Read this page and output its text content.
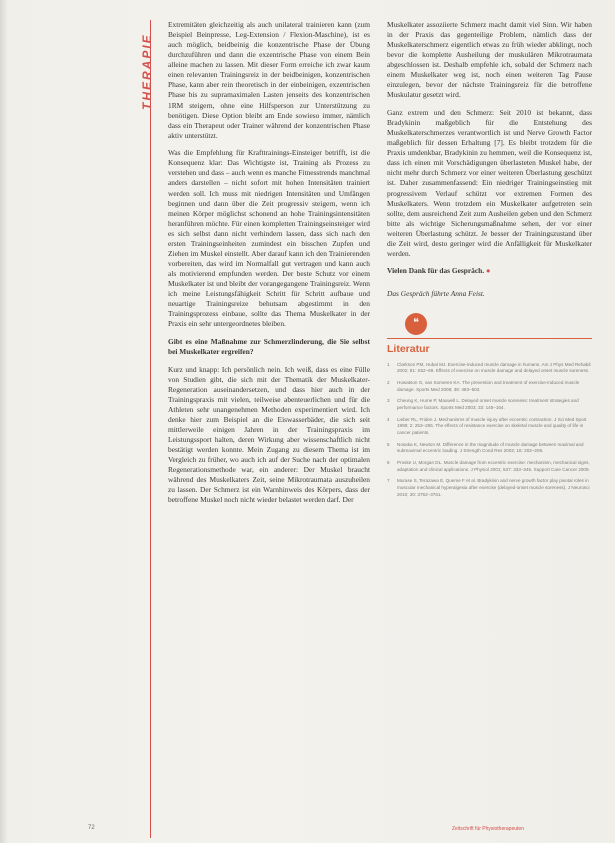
THERAPIE

Extremitäten gleichzeitig als auch unilateral trainieren kann (zum Beispiel Beinpresse, Leg-Extension / Flexion-Maschine), ist es auch möglich, beidbeinig die konzentrische Phase der Übung durchzuführen und dann die exzentrische Phase von einem Bein alleine machen zu lassen. Mit dieser Form erreiche ich zwar kaum einen relevanten Trainingsreiz in der beidbeinigen, konzentrischen Phase, kann aber rein theoretisch in der einbeinigen, exzentrischen Phase bis zu supramaximalen Lasten jenseits des konzentrischen 1RM steigern, ohne eine Hilfsperson zur Unterstützung zu benötigen. Diese Option bleibt am Ende sowieso immer, nämlich dass ein Therapeut oder Trainer während der konzentrischen Phase aktiv unterstützt.

Was die Empfehlung für Krafttrainings-Einsteiger betrifft, ist die Konsequenz klar: Das Wichtigste ist, Training als Prozess zu verstehen und dass – auch wenn es manche Fitnesstrends manchmal anders darstellen – nicht sofort mit hohen Intensitäten trainiert werden soll. Ich muss mit niedrigen Intensitäten und Umfängen beginnen und dann über die Zeit progressiv steigern, wenn ich meinen Körper möglichst schonend an hohe Trainingsintensitäten heranführen möchte. Für einen kompletten Trainingseinsteiger wird es sich selbst dann nicht verhindern lassen, dass sich nach den ersten Trainingseinheiten zumindest ein bisschen Zupfen und Ziehen im Muskel einstellt. Aber darauf kann ich den Trainierenden vorbereiten, das wird im Normalfall gut vertragen und kann auch als motivierend empfunden werden. Der beste Schutz vor einem Muskelkater ist und bleibt der vorangegangene Trainingsreiz. Wenn ich meine Leistungsfähigkeit Schritt für Schritt aufbaue und neuartige Trainingsreize behutsam abgestimmt in den Trainingsprozess einbaue, sollte das Thema Muskelkater in der Praxis ein sehr untergeordnetes bleiben.

Gibt es eine Maßnahme zur Schmerzlinderung, die Sie selbst bei Muskelkater ergreifen?

Kurz und knapp: Ich persönlich nein. Ich weiß, dass es eine Fülle von Studien gibt, die sich mit der Thematik der Muskelkater-Regeneration auseinandersetzen, und dass hier auch in der Trainingspraxis mit vielen, teilweise abenteuerlichen und für die Athleten sehr unangenehmen Methoden experimentiert wird. Ich denke hier zum Beispiel an die Eiswasserbäder, die sich seit mittlerweile einigen Jahren in der Trainingspraxis im Leistungssport halten, deren Wirkung aber wissenschaftlich nicht bestätigt werden konnte. Mein Zugang zu diesem Thema ist im Vergleich zu früher, wo auch ich auf der Suche nach der optimalen Regenerationsmethode war, ein anderer: Der Muskel braucht während des Muskelkaters Zeit, seine Mikrotraumata auszuheilen zu lassen. Der Schmerz ist ein Warnhinweis des Körpers, dass der betroffene Muskel noch nicht wieder belastet werden darf. Der

Muskelkater assoziierte Schmerz macht damit viel Sinn. Wir haben in der Praxis das gegenteilige Problem, nämlich dass der Muskelkaterschmerz eigentlich etwas zu früh wieder abklingt, noch bevor die komplette Ausheilung der muskulären Mikrotraumata abgeschlossen ist. Deshalb empfehle ich, sobald der Schmerz nach einem Muskelkater weg ist, noch einen weiteren Tag Pause einzulegen, bevor der nächste Trainingsreiz für die betroffene Muskulatur gesetzt wird.

Ganz extrem und den Schmerz: Seit 2010 ist bekannt, dass Bradykinin maßgeblich für die Entstehung des Muskelkaterschmerzes verantwortlich ist und Nerve Growth Factor maßgeblich für dessen Erhaltung [7]. Es bleibt trotzdem für die Praxis umdenkbar, Bradykinin zu hemmen, weil die Konsequenz ist, dass ich einen mit Vorschädigungen überlasteten Muskel habe, der nicht mehr durch Schmerz vor einer weiteren Überlastung geschützt ist. Daher zusammenfassend: Ein niedriger Trainingseinstieg mit progressivem Verlauf schützt vor extremen Formen des Muskelkaters. Wenn trotzdem ein Muskelkater aufgetreten sein sollte, dem ausreichend Zeit zum Ausheilen geben und den Schmerz bitte als wichtige Sicherungsmaßnahme sehen, der vor einer weiteren Überlastung schützt. Je besser der Trainingszustand über die Zeit wird, desto geringer wird die Anfälligkeit für Muskelkater werden.

Vielen Dank für das Gespräch. ●

Das Gespräch führte Anna Feist.

❝
Literatur
1 Clarkson PM, Hubal MJ. Exercise-induced muscle damage in humans. Am J Phys Med Rehabil 2002; 81: S52–69. Effects of exercise on muscle damage and delayed onset muscle soreness.
2 Howatson G, van Someren KA. The prevention and treatment of exercise-induced muscle damage. Sports Med 2008; 38: 483–503.
3 Cheung K, Hume P, Maxwell L. Delayed onset muscle soreness: treatment strategies and performance factors. Sports Med 2003; 33: 145–164.
4 Lieber RL, Friden J. Mechanisms of muscle injury after eccentric contraction. J Sci Med Sport 1999; 2: 253–265. The effects of resistance exercise on skeletal muscle and quality of life in cancer patients.
5 Nosaka K, Newton M. Difference in the magnitude of muscle damage between maximal and submaximal eccentric loading. J Strength Cond Res 2002; 16: 202–208.
6 Proske U, Morgan DL. Muscle damage from eccentric exercise: mechanism, mechanical signs, adaptation and clinical applications. J Physiol 2001; 537: 333–345. Support Care Cancer 2009.
7 Murase S, Terazawa E, Queme F et al. Bradykinin and nerve growth factor play pivotal roles in muscular mechanical hyperalgesia after exercise (delayed-onset muscle soreness). J Neurosci 2010; 30: 3752–3761.
72	Zeitschrift für Physiotherapeuten
